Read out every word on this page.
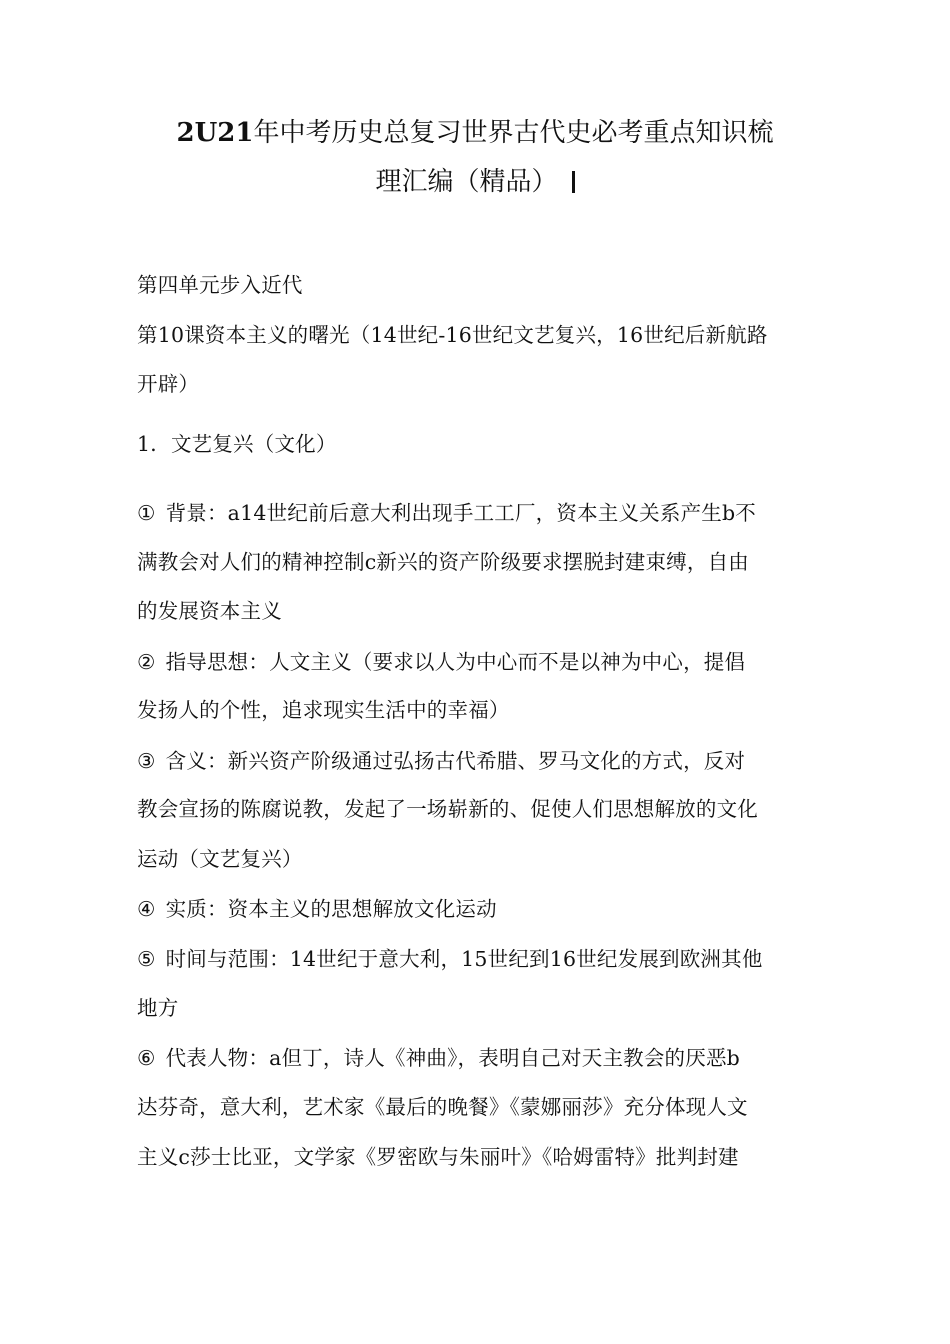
2U21年中考历史总复习世界古代史必考重点知识梳
理汇编（精品）
第四单元步入近代
第10课资本主义的曙光（14世纪-16世纪文艺复兴，16世纪后新航路
开辟）
1．文艺复兴（文化）
① 背景：a14世纪前后意大利出现手工工厂，资本主义关系产生b不
满教会对人们的精神控制c新兴的资产阶级要求摆脱封建束缚，自由
的发展资本主义
② 指导思想：人文主义（要求以人为中心而不是以神为中心，提倡
发扬人的个性，追求现实生活中的幸福）
③ 含义：新兴资产阶级通过弘扬古代希腊、罗马文化的方式，反对
教会宣扬的陈腐说教，发起了一场崭新的、促使人们思想解放的文化
运动（文艺复兴）
④ 实质：资本主义的思想解放文化运动
⑤ 时间与范围：14世纪于意大利，15世纪到16世纪发展到欧洲其他
地方
⑥ 代表人物：a但丁，诗人《神曲》，表明自己对天主教会的厌恶b
达芬奇，意大利，艺术家《最后的晚餐》《蒙娜丽莎》充分体现人文
主义c莎士比亚，文学家《罗密欧与朱丽叶》《哈姆雷特》批判封建
